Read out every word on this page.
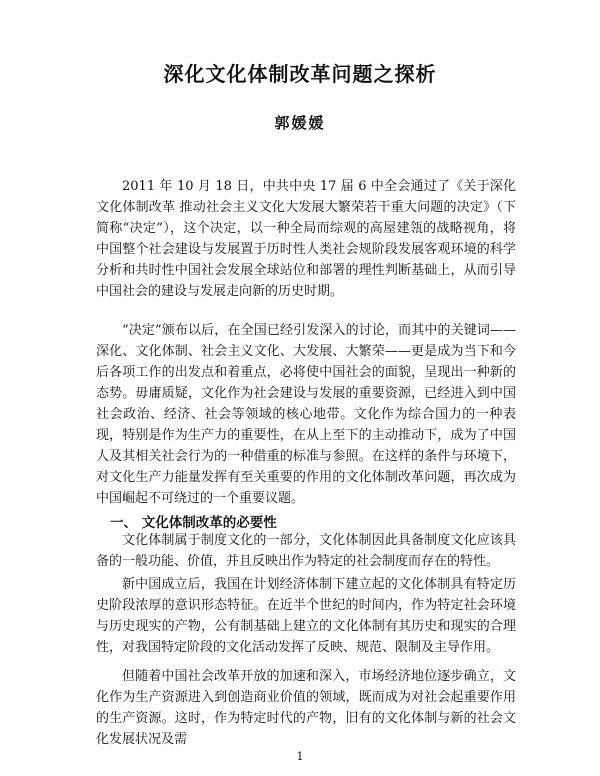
深化文化体制改革问题之探析
郭媛媛

2011 年 10 月 18 日，中共中央 17 届 6 中全会通过了《关于深化文化体制改革 推动社会主义文化大发展大繁荣若干重大问题的决定》（下简称“决定”），这个决定，以一种全局而综观的高屋建瓴的战略视角，将中国整个社会建设与发展置于历时性人类社会规阶段发展客观环境的科学分析和共时性中国社会发展全球站位和部署的理性判断基础上，从而引导中国社会的建设与发展走向新的历史时期。

“决定”颁布以后，在全国已经引发深入的讨论，而其中的关键词——深化、文化体制、社会主义文化、大发展、大繁荣——更是成为当下和今后各项工作的出发点和着重点，必将使中国社会的面貌，呈现出一种新的态势。毋庸质疑，文化作为社会建设与发展的重要资源，已经进入到中国社会政治、经济、社会等领域的核心地带。文化作为综合国力的一种表现，特别是作为生产力的重要性，在从上至下的主动推动下，成为了中国人及其相关社会行为的一种借重的标准与参照。在这样的条件与环境下，对文化生产力能量发挥有至关重要的作用的文化体制改革问题，再次成为中国崛起不可绕过的一个重要议题。

一、 文化体制改革的必要性

文化体制属于制度文化的一部分，文化体制因此具备制度文化应该具备的一般功能、价值，并且反映出作为特定的社会制度而存在的特性。

新中国成立后，我国在计划经济体制下建立起的文化体制具有特定历史阶段浓厚的意识形态特征。在近半个世纪的时间内，作为特定社会环境与历史现实的产物，公有制基础上建立的文化体制有其历史和现实的合理性，对我国特定阶段的文化活动发挥了反映、规范、限制及主导作用。

但随着中国社会改革开放的加速和深入，市场经济地位逐步确立，文化作为生产资源进入到创造商业价值的领域，既而成为对社会起重要作用的生产资源。这时，作为特定时代的产物，旧有的文化体制与新的社会文化发展状况及需

1
